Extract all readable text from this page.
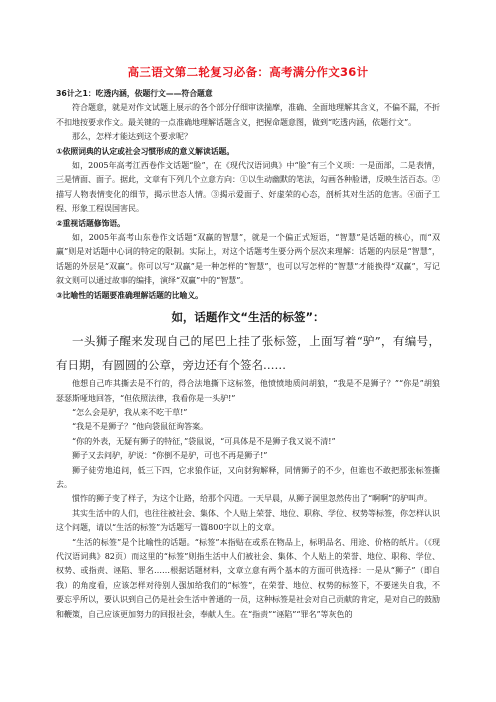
高三语文第二轮复习必备：高考满分作文36计

36计之1：吃透内涵，依题行文——符合题意

符合题意，就是对作文试题上展示的各个部分仔细审读揣摩，准确、全面地理解其含义，不偏不漏，不折不扣地按要求作文。最关键的一点准确地理解话题含义，把握命题意图，做到“吃透内涵，依题行文”。

那么，怎样才能达到这个要求呢？

①依照词典的认定或社会习惯形成的意义解读话题。

如，2005年高考江西卷作文话题“脸”，在《现代汉语词典》中“脸”有三个义项：一是面部，二是表情，三是情面、面子。据此，文章有下列几个立意方向：①以生动幽默的笔法，勾画各种脸谱，反映生活百态。②描写人物表情变化的细节，揭示世态人情。③揭示爱面子、好虚荣的心态，剖析其对生活的危害。④面子工程、形象工程误国害民。

②重视话题修饰语。

如，2005年高考山东卷作文话题“双赢的智慧”，就是一个偏正式短语，“智慧”是话题的核心，而“双赢”则是对话题中心词的特定的限制。实际上，对这个话题考生要分两个层次来理解：话题的内层是“智慧”，话题的外层是“双赢”。你可以写“双赢”是一种怎样的“智慧”，也可以写怎样的“智慧”才能换得“双赢”，写记叙文则可以通过故事的编排，演绎“双赢”中的“智慧”。

③比喻性的话题要准确理解话题的比喻义。

如，话题作文“生活的标签”：

一头狮子醒来发现自己的尾巴上挂了张标签，上面写着“驴”，有编号，有日期，有圆圆的公章，旁边还有个签名……

他想自己咋其撕去是不行的，得合法地撕下这标签，他愤愤地质问胡狼，“我是不是狮子？”“你是”胡狼瑟瑟斯哑地回答，“但依照法律，我看你是一头驴!”

“怎么会是驴，我从来不吃干草!”

“我是不是狮子？”他向袋鼠征询答案。

“你的外表，无疑有狮子的特征，”袋鼠说，“可具体是不是狮子我又说不清!”

狮子又去问驴，驴说：“你倒不是驴，可也不再是狮子!”

狮子徒劳地追问，低三下四，它求狼作证，又向豺狗解释，同情狮子的不少，但谁也不敢把那张标签撕去。

惯怍的狮子变了样子，为这个让路，给那个闪道。一天早晨，从狮子洞里忽然传出了“啊啊”的驴叫声。

其实生活中的人们，也往往被社会、集体、个人贴上荣誉、地位、职称、学位、权势等标签，你怎样认识这个问题，请以“生活的标签”为话题写一篇800字以上的文章。

“生活的标签”是个比喻性的话题。“标签”本指贴在或系在物品上，标明品名、用途、价格的纸片。（《现代汉语词典》82页）而这里的“标签”则指生活中人们被社会、集体、个人贴上的荣誉、地位、职称、学位、权势、或指责、诬陷、罪名……根据话题材料，文章立意有两个基本的方面可供选择：一是从“狮子”（即自我）的角度看，应该怎样对待别人强加给我们的“标签”，在荣誉、地位、权势的标签下，不要迷失自我，不要忘乎所以，要认识到自己仍是社会生活中普通的一员，这种标签是社会对自己贡献的肯定，是对自己的鼓励和鞭策，自己应该更加努力的回报社会，奉献人生。在“指责”“诬陷”“罪名”等灰色的
